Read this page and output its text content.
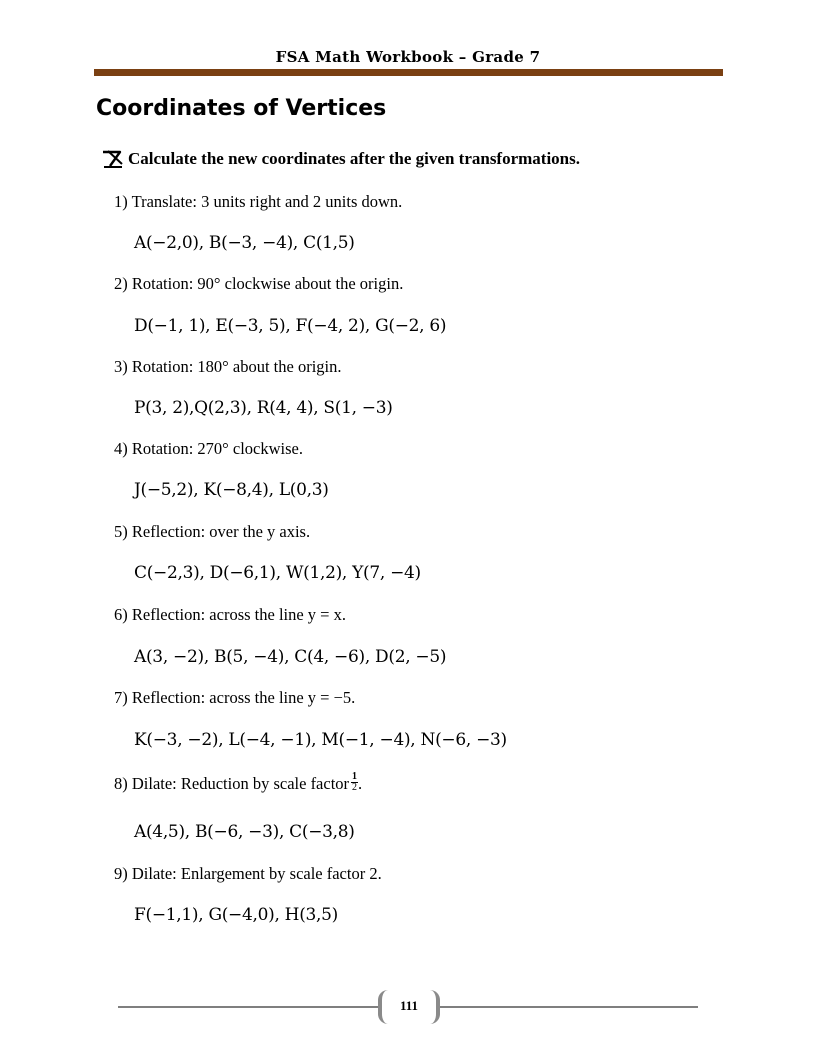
FSA Math Workbook – Grade 7
Coordinates of Vertices
Calculate the new coordinates after the given transformations.
1) Translate: 3 units right and 2 units down.
A(−2,0), B(−3, −4), C(1,5)
2) Rotation: 90° clockwise about the origin.
D(−1, 1), E(−3, 5), F(−4, 2), G(−2, 6)
3) Rotation: 180° about the origin.
P(3, 2),Q(2,3), R(4, 4), S(1, −3)
4) Rotation: 270° clockwise.
J(−5,2), K(−8,4), L(0,3)
5) Reflection: over the y axis.
C(−2,3), D(−6,1), W(1,2), Y(7, −4)
6) Reflection: across the line y = x.
A(3, −2), B(5, −4), C(4, −6), D(2, −5)
7) Reflection: across the line y = −5.
K(−3, −2), L(−4, −1), M(−1, −4), N(−6, −3)
8) Dilate: Reduction by scale factor $\frac{1}{2}$ .
A(4,5), B(−6, −3), C(−3,8)
9) Dilate: Enlargement by scale factor 2.
F(−1,1), G(−4,0), H(3,5)
111
